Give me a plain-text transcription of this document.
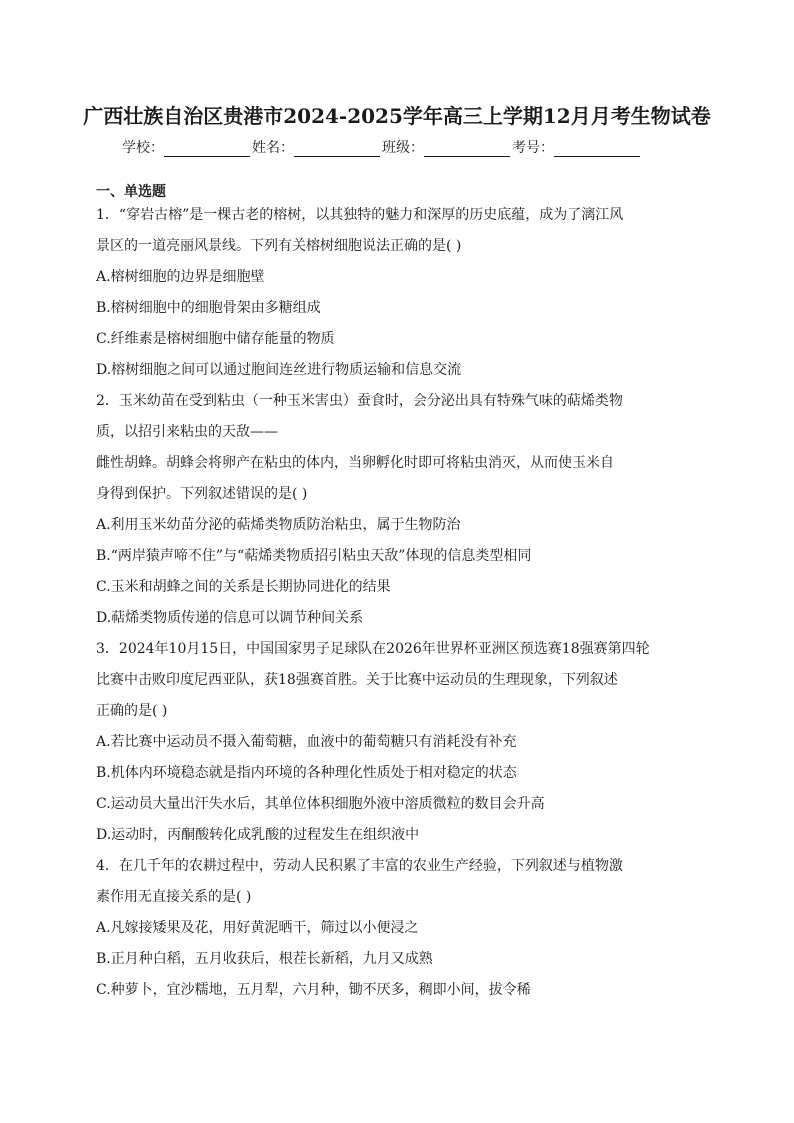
广西壮族自治区贵港市2024-2025学年高三上学期12月月考生物试卷
学校：	姓名：	班级：	考号：
一、单选题
1．“穿岩古榕”是一棵古老的榕树，以其独特的魅力和深厚的历史底蕴，成为了漓江风
景区的一道亮丽风景线。下列有关榕树细胞说法正确的是( )
A.榕树细胞的边界是细胞壁
B.榕树细胞中的细胞骨架由多糖组成
C.纤维素是榕树细胞中储存能量的物质
D.榕树细胞之间可以通过胞间连丝进行物质运输和信息交流
2．玉米幼苗在受到粘虫（一种玉米害虫）蚕食时，会分泌出具有特殊气味的萜烯类物
质，以招引来粘虫的天敌——
雌性胡蜂。胡蜂会将卵产在粘虫的体内，当卵孵化时即可将粘虫消灭，从而使玉米自
身得到保护。下列叙述错误的是( )
A.利用玉米幼苗分泌的萜烯类物质防治粘虫，属于生物防治
B.“两岸猿声啼不住”与“萜烯类物质招引粘虫天敌”体现的信息类型相同
C.玉米和胡蜂之间的关系是长期协同进化的结果
D.萜烯类物质传递的信息可以调节种间关系
3．2024年10月15日，中国国家男子足球队在2026年世界杯亚洲区预选赛18强赛第四轮
比赛中击败印度尼西亚队，获18强赛首胜。关于比赛中运动员的生理现象，下列叙述
正确的是( )
A.若比赛中运动员不摄入葡萄糖，血液中的葡萄糖只有消耗没有补充
B.机体内环境稳态就是指内环境的各种理化性质处于相对稳定的状态
C.运动员大量出汗失水后，其单位体积细胞外液中溶质微粒的数目会升高
D.运动时，丙酮酸转化成乳酸的过程发生在组织液中
4．在几千年的农耕过程中，劳动人民积累了丰富的农业生产经验，下列叙述与植物激
素作用无直接关系的是( )
A.凡嫁接矮果及花，用好黄泥晒干，筛过以小便浸之
B.正月种白稻，五月收获后，根茬长新稻，九月又成熟
C.种萝卜，宜沙糯地，五月犁，六月种，锄不厌多，稠即小间，拔令稀
